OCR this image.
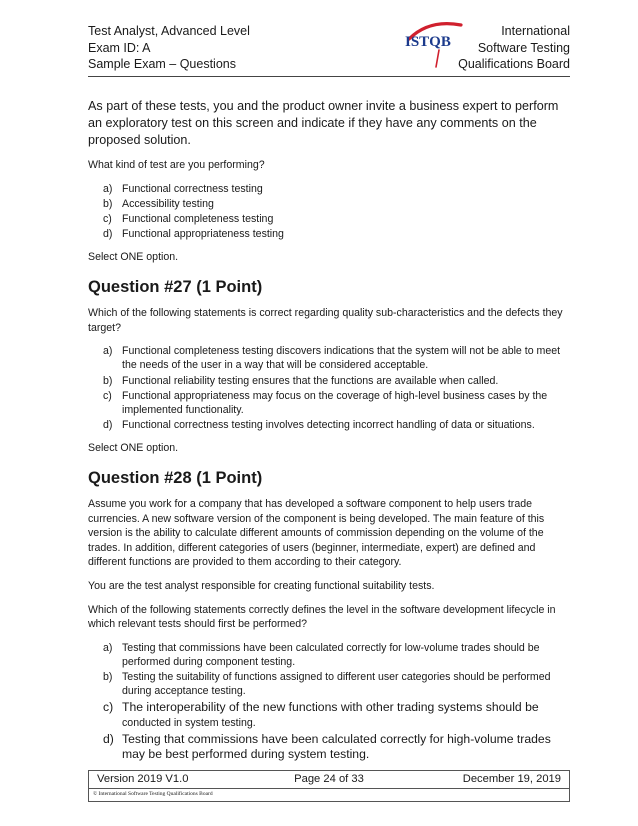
Test Analyst, Advanced Level
Exam ID: A
Sample Exam – Questions
ISTQB
International
Software Testing
Qualifications Board

As part of these tests, you and the product owner invite a business expert to perform an exploratory test on this screen and indicate if they have any comments on the proposed solution.

What kind of test are you performing?

a) Functional correctness testing
b) Accessibility testing
c) Functional completeness testing
d) Functional appropriateness testing

Select ONE option.

Question #27 (1 Point)

Which of the following statements is correct regarding quality sub-characteristics and the defects they target?

a) Functional completeness testing discovers indications that the system will not be able to meet the needs of the user in a way that will be considered acceptable.
b) Functional reliability testing ensures that the functions are available when called.
c) Functional appropriateness may focus on the coverage of high-level business cases by the implemented functionality.
d) Functional correctness testing involves detecting incorrect handling of data or situations.

Select ONE option.

Question #28 (1 Point)

Assume you work for a company that has developed a software component to help users trade currencies. A new software version of the component is being developed. The main feature of this version is the ability to calculate different amounts of commission depending on the volume of the trades. In addition, different categories of users (beginner, intermediate, expert) are defined and different functions are provided to them according to their category.

You are the test analyst responsible for creating functional suitability tests.

Which of the following statements correctly defines the level in the software development lifecycle in which relevant tests should first be performed?

a) Testing that commissions have been calculated correctly for low-volume trades should be performed during component testing.
b) Testing the suitability of functions assigned to different user categories should be performed during acceptance testing.
c) The interoperability of the new functions with other trading systems should be
conducted in system testing.
d) Testing that commissions have been calculated correctly for high-volume trades may be best performed during system testing.
Version 2019 V1.0	Page 24 of 33	December 19, 2019
© International Software Testing Qualifications Board
